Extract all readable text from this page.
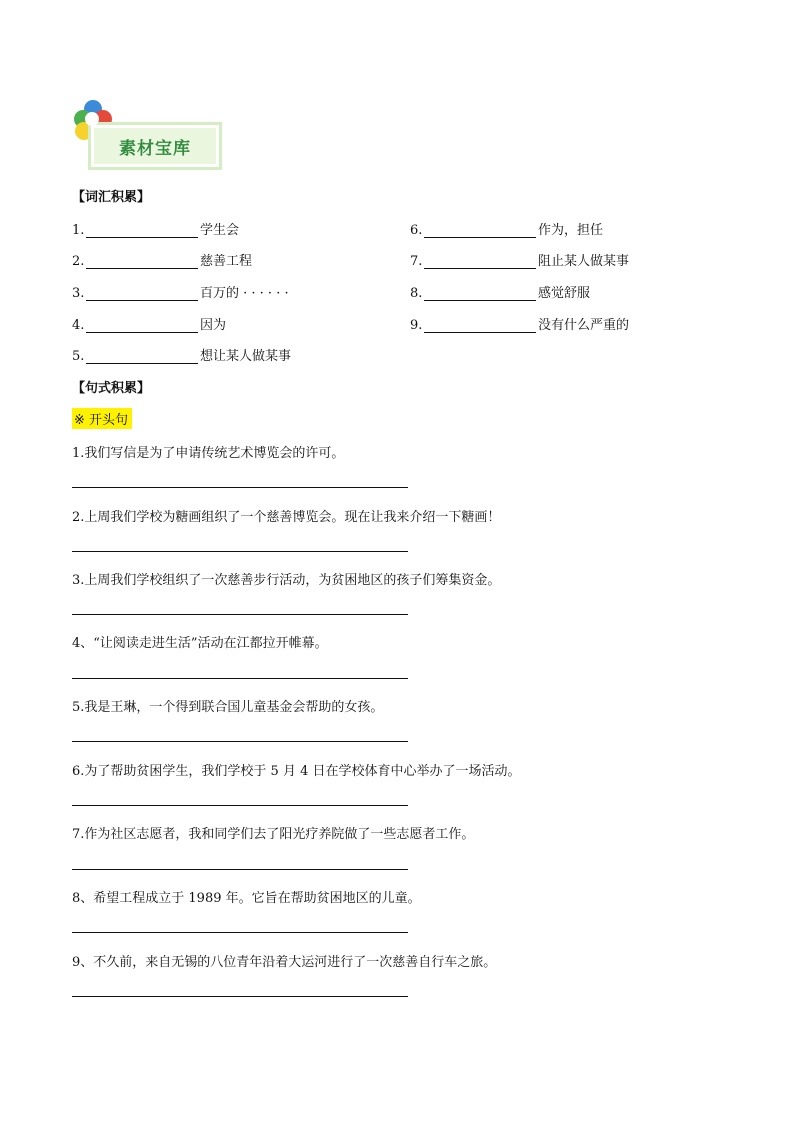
素材宝库
【词汇积累】
1.	学生会
2.	慈善工程
3.	百万的 · · · · · ·
4.	因为
5.	想让某人做某事
6.	作为，担任
7.	阻止某人做某事
8.	感觉舒服
9.	没有什么严重的
【句式积累】
※ 开头句
1.我们写信是为了申请传统艺术博览会的许可。
2.上周我们学校为糖画组织了一个慈善博览会。现在让我来介绍一下糖画！
3.上周我们学校组织了一次慈善步行活动，为贫困地区的孩子们筹集资金。
4、“让阅读走进生活”活动在江都拉开帷幕。
5.我是王琳，一个得到联合国儿童基金会帮助的女孩。
6.为了帮助贫困学生，我们学校于 5 月 4 日在学校体育中心举办了一场活动。
7.作为社区志愿者，我和同学们去了阳光疗养院做了一些志愿者工作。
8、希望工程成立于 1989 年。它旨在帮助贫困地区的儿童。
9、不久前，来自无锡的八位青年沿着大运河进行了一次慈善自行车之旅。
